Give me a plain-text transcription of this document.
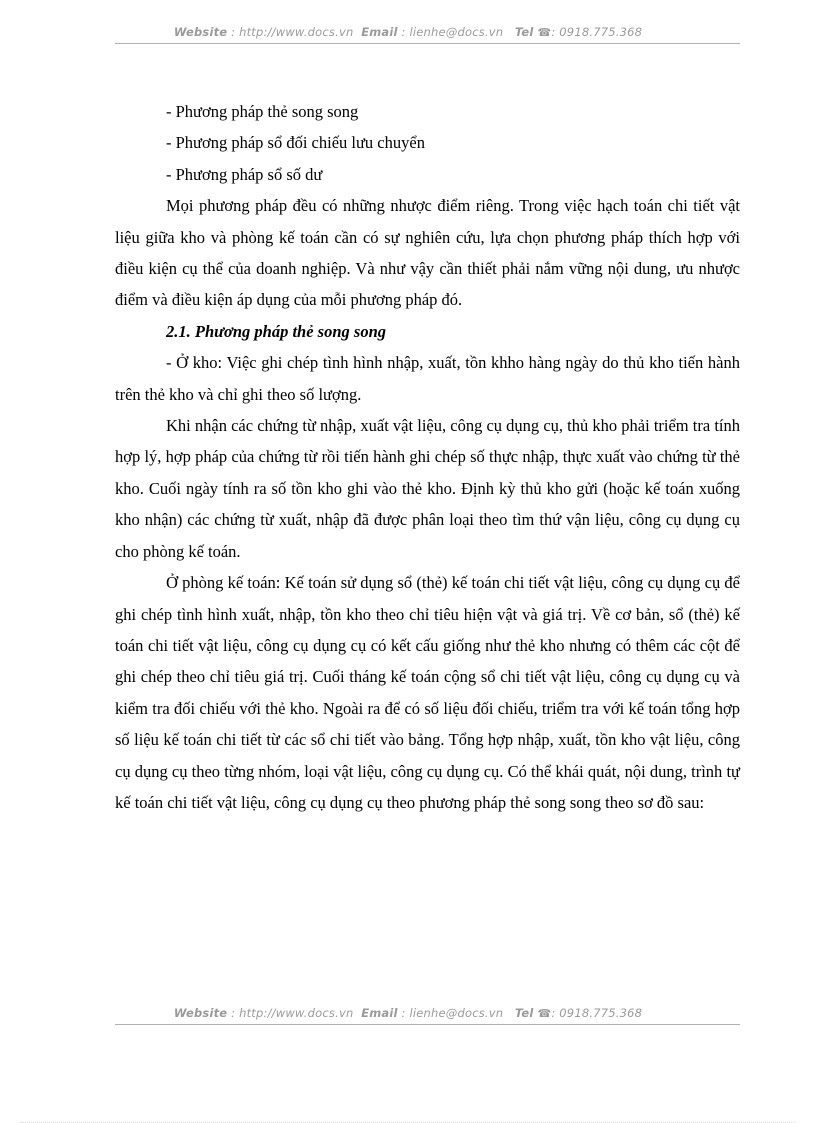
Website : http://www.docs.vn Email : lienhe@docs.vn Tel ☎: 0918.775.368

- Phương pháp thẻ song song

- Phương pháp sổ đối chiếu lưu chuyển

- Phương pháp sổ số dư

Mọi phương pháp đều có những nhược điểm riêng. Trong việc hạch toán chi tiết vật liệu giữa kho và phòng kế toán cần có sự nghiên cứu, lựa chọn phương pháp thích hợp với điều kiện cụ thể của doanh nghiệp. Và như vậy cần thiết phải nắm vững nội dung, ưu nhược điểm và điều kiện áp dụng của mỗi phương pháp đó.

2.1. Phương pháp thẻ song song

- Ở kho: Việc ghi chép tình hình nhập, xuất, tồn khho hàng ngày do thủ kho tiến hành trên thẻ kho và chỉ ghi theo số lượng.

Khi nhận các chứng từ nhập, xuất vật liệu, công cụ dụng cụ, thủ kho phải triểm tra tính hợp lý, hợp pháp của chứng từ rồi tiến hành ghi chép số thực nhập, thực xuất vào chứng từ thẻ kho. Cuối ngày tính ra số tồn kho ghi vào thẻ kho. Định kỳ thủ kho gửi (hoặc kế toán xuống kho nhận) các chứng từ xuất, nhập đã được phân loại theo tìm thứ vận liệu, công cụ dụng cụ cho phòng kế toán.

Ở phòng kế toán: Kế toán sử dụng sổ (thẻ) kế toán chi tiết vật liệu, công cụ dụng cụ để ghi chép tình hình xuất, nhập, tồn kho theo chỉ tiêu hiện vật và giá trị. Về cơ bản, sổ (thẻ) kế toán chi tiết vật liệu, công cụ dụng cụ có kết cấu giống như thẻ kho nhưng có thêm các cột để ghi chép theo chỉ tiêu giá trị. Cuối tháng kế toán cộng sổ chi tiết vật liệu, công cụ dụng cụ và kiểm tra đối chiếu với thẻ kho. Ngoài ra để có số liệu đối chiếu, triểm tra với kế toán tổng hợp số liệu kế toán chi tiết từ các sổ chi tiết vào bảng. Tổng hợp nhập, xuất, tồn kho vật liệu, công cụ dụng cụ theo từng nhóm, loại vật liệu, công cụ dụng cụ. Có thể khái quát, nội dung, trình tự kế toán chi tiết vật liệu, công cụ dụng cụ theo phương pháp thẻ song song theo sơ đồ sau:

Website : http://www.docs.vn Email : lienhe@docs.vn Tel ☎: 0918.775.368
